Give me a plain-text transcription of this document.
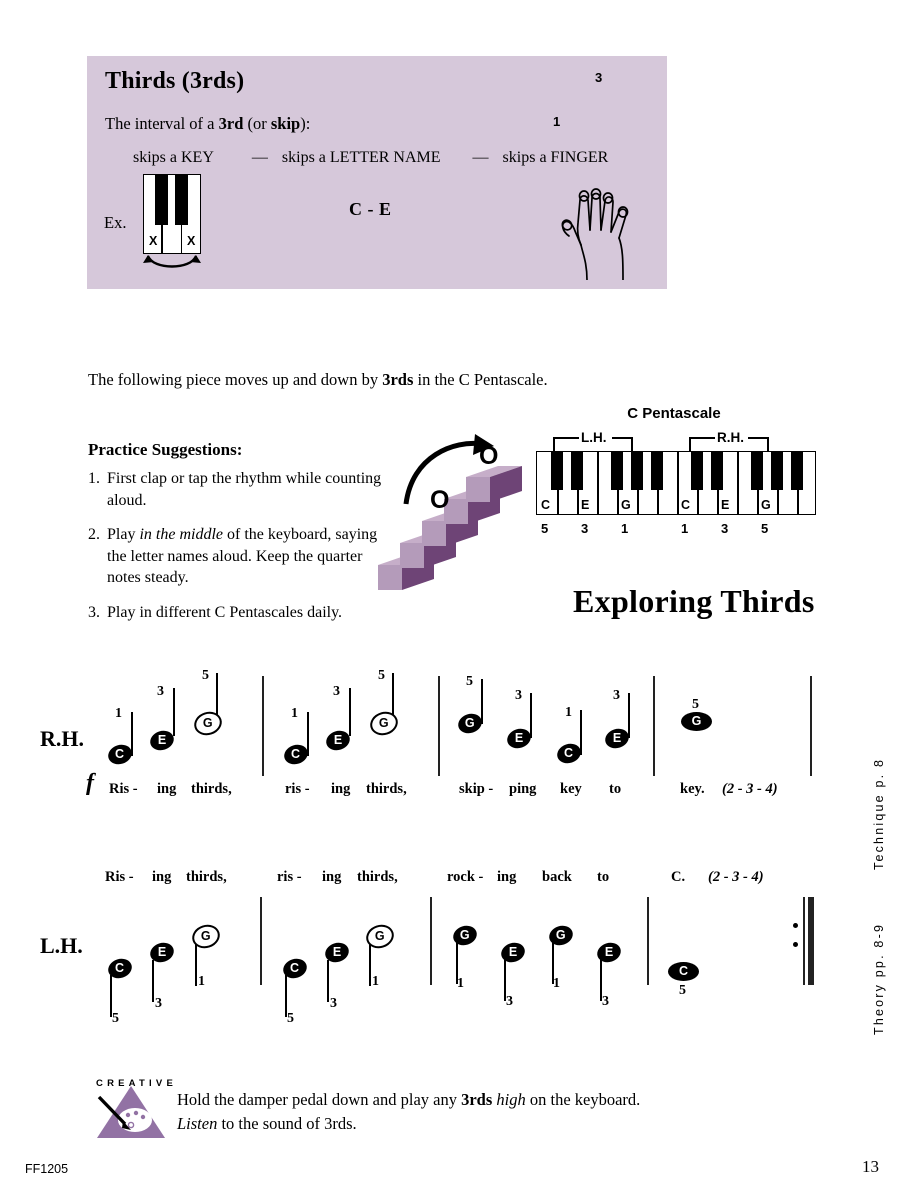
Thirds (3rds)
The interval of a 3rd (or skip):
skips a KEY — skips a LETTER NAME — skips a FINGER
Ex.
C - E
X X
1
3
The following piece moves up and down by 3rds in the C Pentascale.
Practice Suggestions:
1. First clap or tap the rhythm while counting aloud.
2. Play in the middle of the keyboard, saying the letter names aloud. Keep the quarter notes steady.
3. Play in different C Pentascales daily.
O
O
C Pentascale
L.H.	R.H.
C E	G	C E	G
5	3	1	1	3	5
Exploring Thirds
R.H.
f
C
1
E
3
G
5
C
1
E
3
G
5
G
5
E
3
C
1
E
3
G
5
Ris - ing thirds,	ris - ing thirds,	skip - ping key to	key. (2 - 3 - 4)
L.H.
Ris - ing thirds,	ris - ing thirds,	rock - ing back to	C. (2 - 3 - 4)
C
5
E
3
G
1
C
5
E
3
G
1
G
1
E
3
G
1
E
3
C
5
Technique p. 8
Theory pp. 8-9
CREATIVE
Hold the damper pedal down and play any 3rds high on the keyboard.
Listen to the sound of 3rds.
FF1205	13
